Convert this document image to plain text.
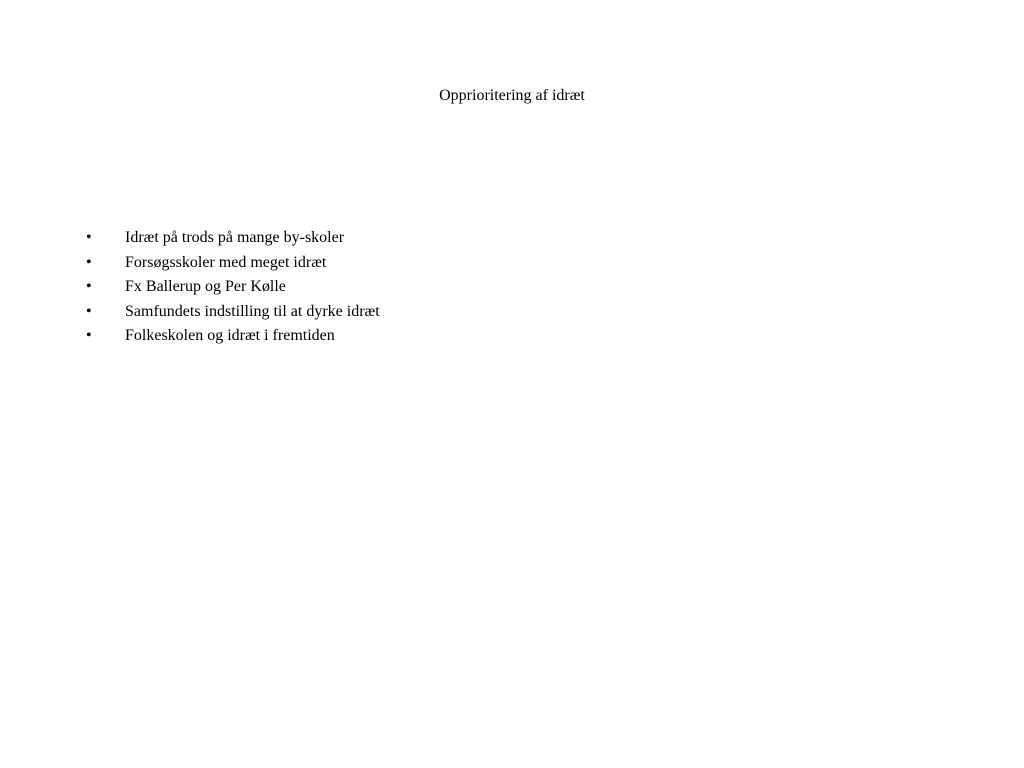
Opprioritering af idræt
•	Idræt på trods på mange by-skoler
•	Forsøgsskoler med meget idræt
•	Fx Ballerup og Per Kølle
•	Samfundets indstilling til at dyrke idræt
•	Folkeskolen og idræt i fremtiden
